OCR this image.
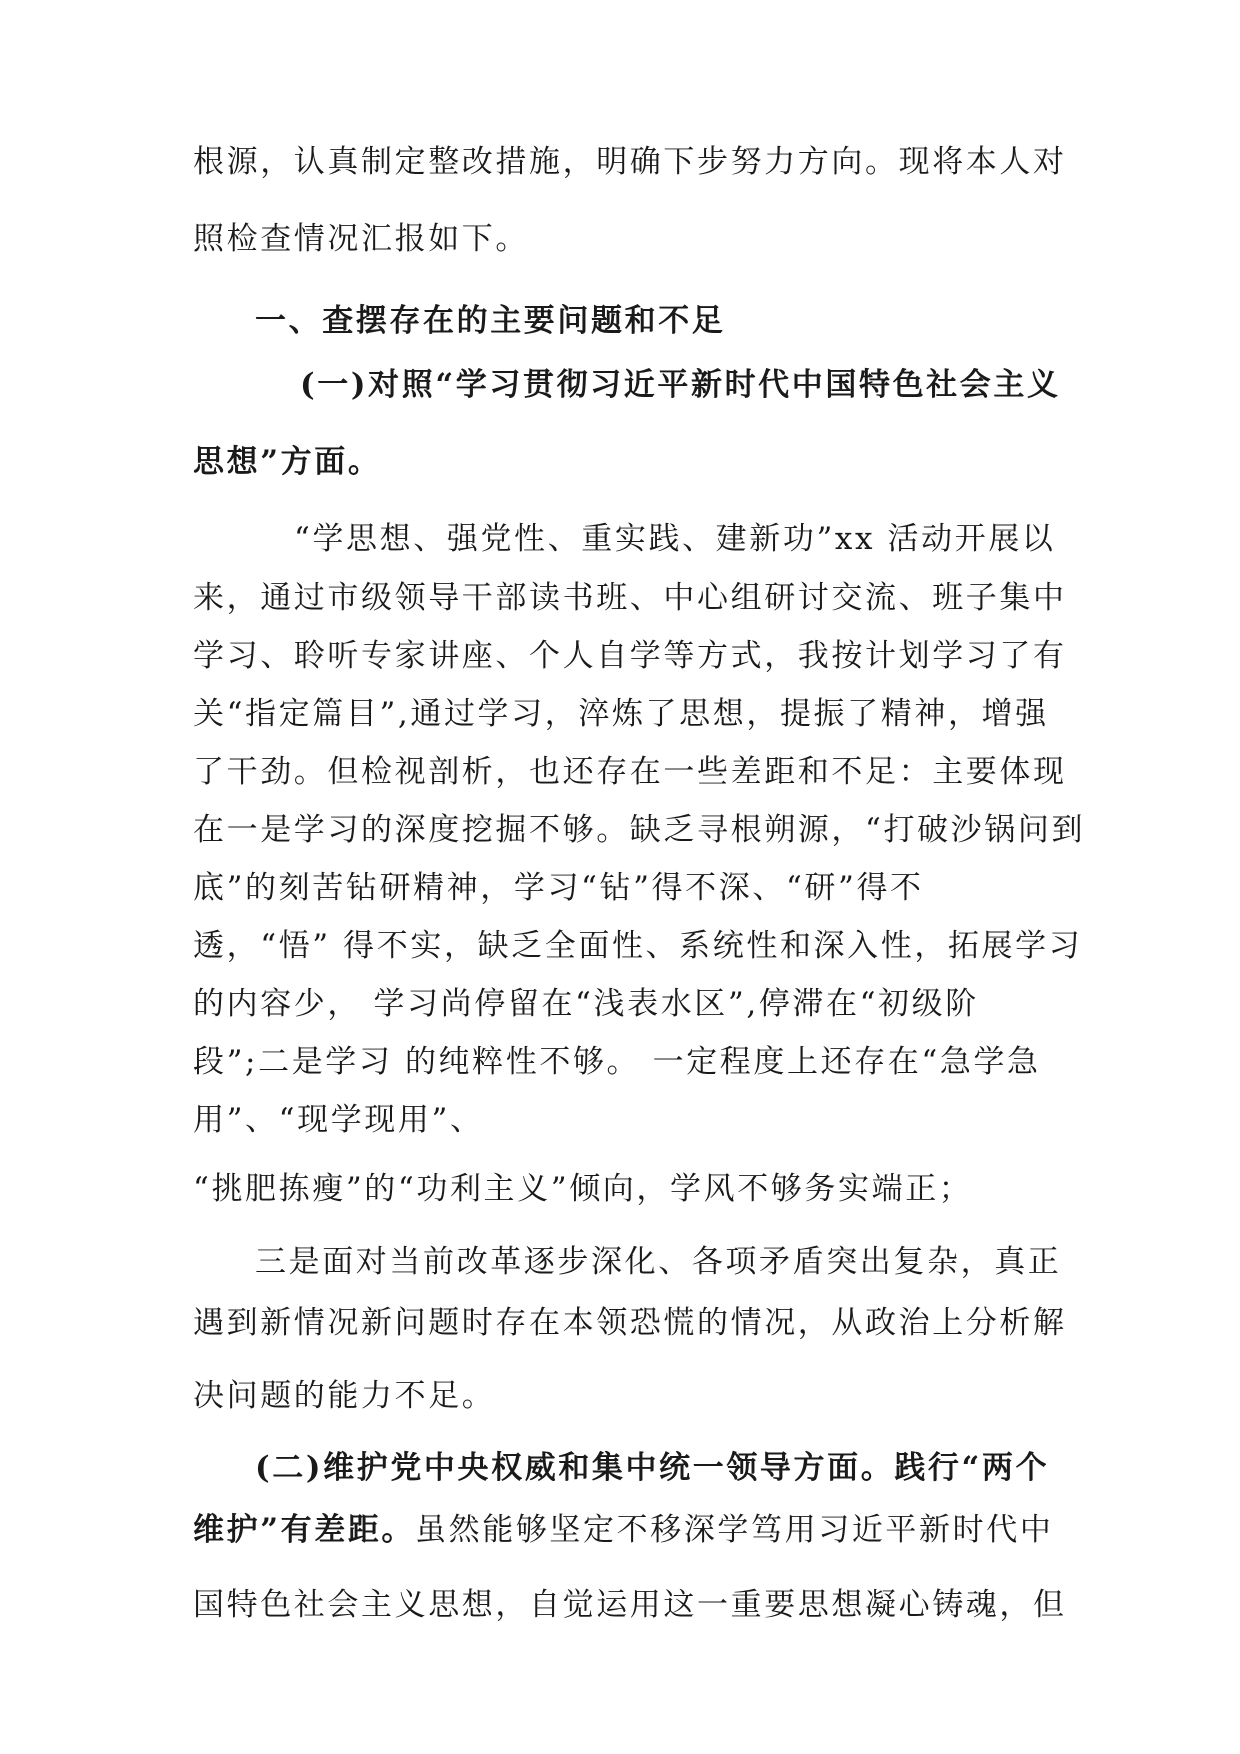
根源，认真制定整改措施，明确下步努力方向。现将本人对
照检查情况汇报如下。
一、查摆存在的主要问题和不足
(一)对照“学习贯彻习近平新时代中国特色社会主义
思想”方面。
“学思想、强党性、重实践、建新功”xx 活动开展以
来，通过市级领导干部读书班、中心组研讨交流、班子集中
学习、聆听专家讲座、个人自学等方式，我按计划学习了有
关“指定篇目”,通过学习，淬炼了思想，提振了精神，增强
了干劲。但检视剖析，也还存在一些差距和不足：主要体现
在一是学习的深度挖掘不够。缺乏寻根朔源，“打破沙锅问到
底”的刻苦钻研精神，学习“钻”得不深、“研”得不
透，“悟” 得不实，缺乏全面性、系统性和深入性，拓展学习
的内容少， 学习尚停留在“浅表水区”,停滞在“初级阶
段”;二是学习 的纯粹性不够。 一定程度上还存在“急学急
用”、“现学现用”、
“挑肥拣瘦”的“功利主义”倾向，学风不够务实端正；
三是面对当前改革逐步深化、各项矛盾突出复杂，真正
遇到新情况新问题时存在本领恐慌的情况，从政治上分析解
决问题的能力不足。
(二)维护党中央权威和集中统一领导方面。践行“两个
维护”有差距。虽然能够坚定不移深学笃用习近平新时代中
国特色社会主义思想，自觉运用这一重要思想凝心铸魂，但
